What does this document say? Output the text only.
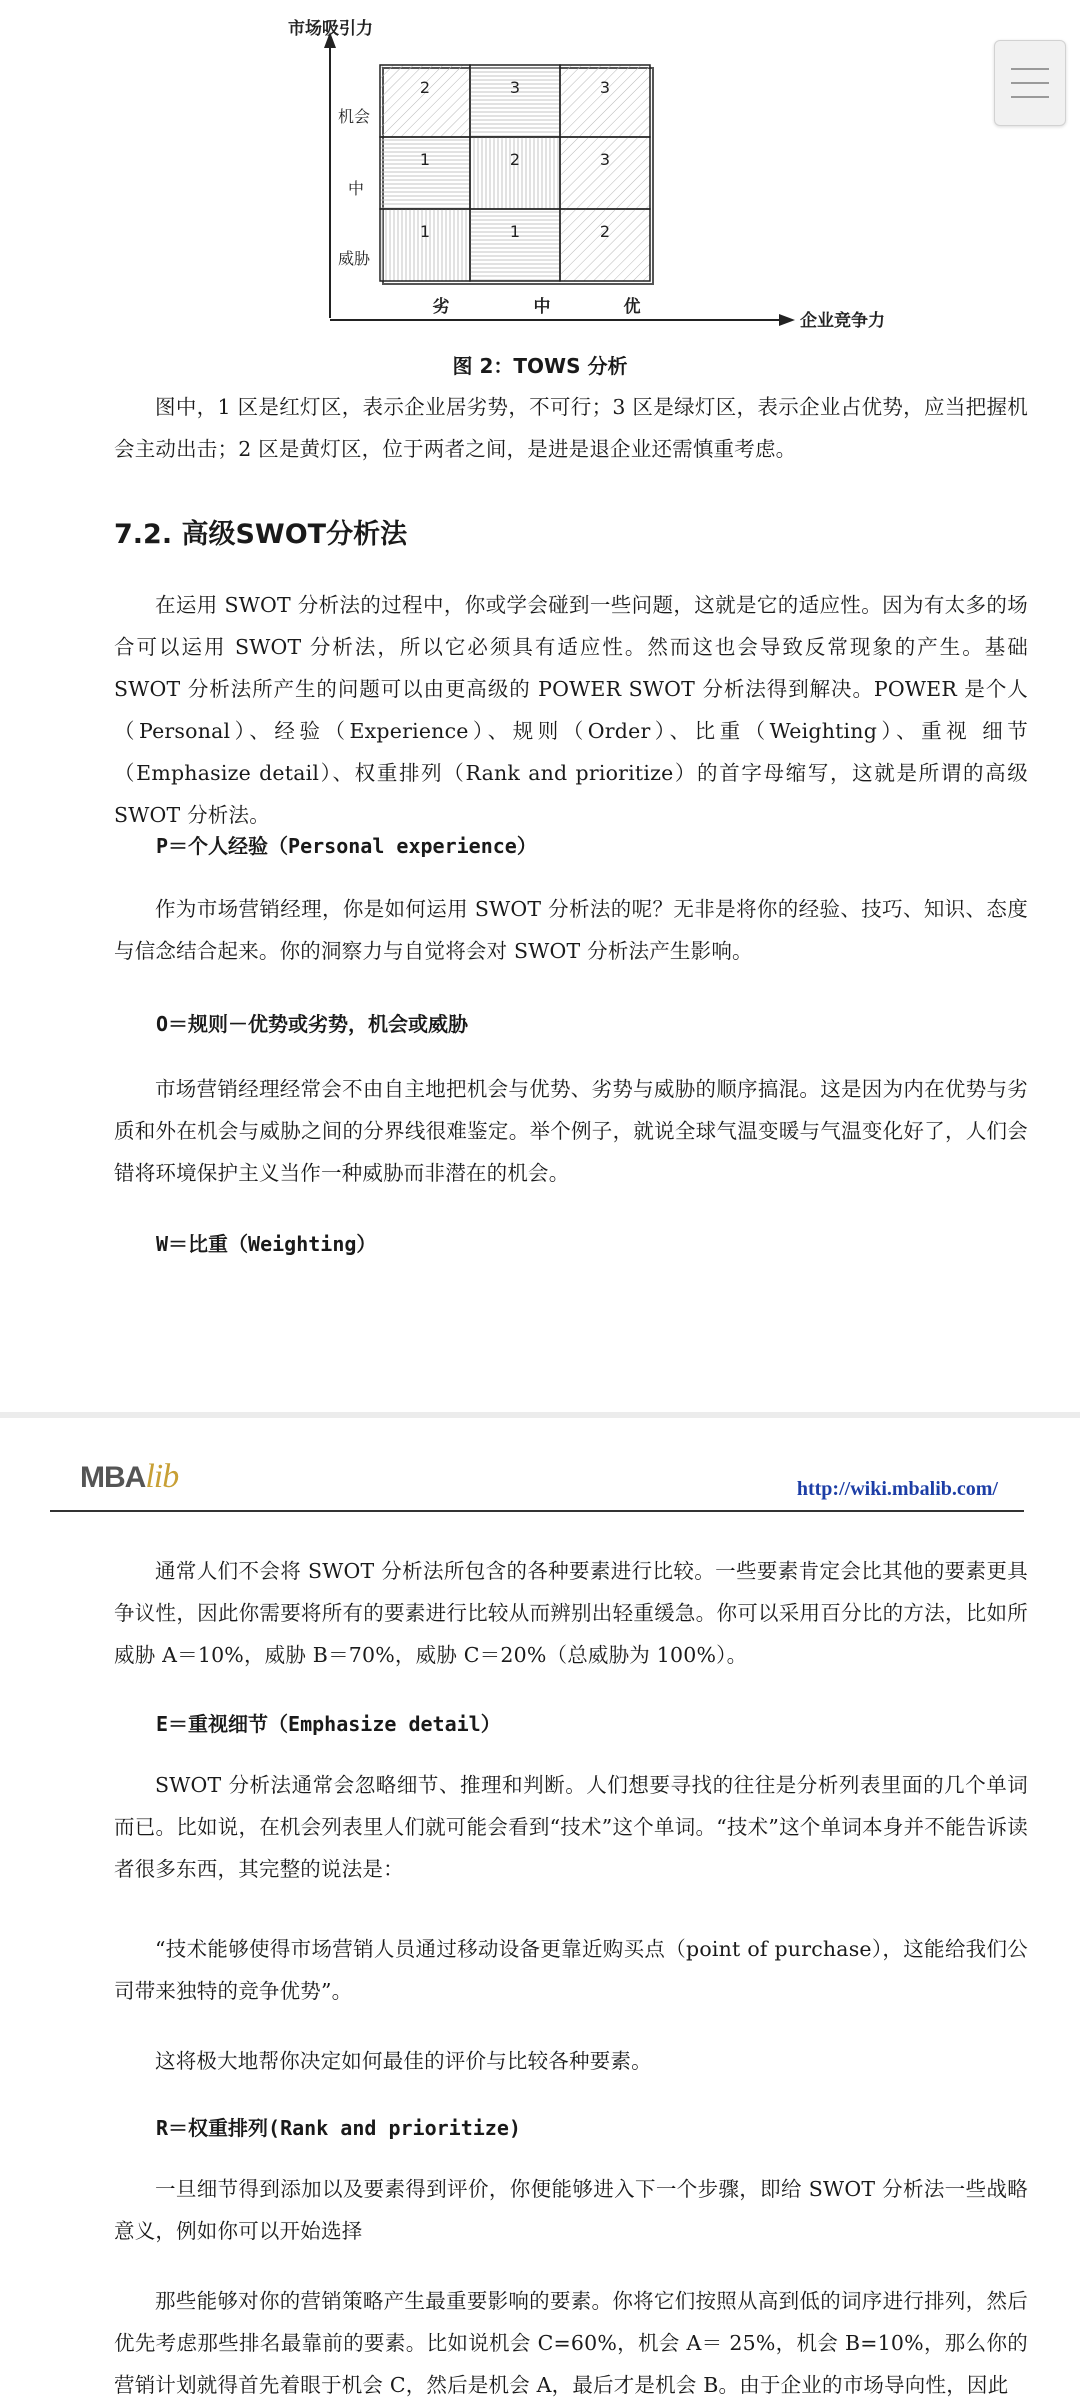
市场吸引力
企业竞争力
机会
中
威胁
劣	中	优
2	3	3
1	2	3
1	1	2
图 2：TOWS 分析
图中，1 区是红灯区，表示企业居劣势，不可行；3 区是绿灯区，表示企业占优势，应当把握机会主动出击；2 区是黄灯区，位于两者之间，是进是退企业还需慎重考虑。
7.2. 高级SWOT分析法
在运用 SWOT 分析法的过程中，你或学会碰到一些问题，这就是它的适应性。因为有太多的场合可以运用 SWOT 分析法，所以它必须具有适应性。然而这也会导致反常现象的产生。基础 SWOT 分析法所产生的问题可以由更高级的 POWER SWOT 分析法得到解决。POWER 是个人（Personal）、经验（Experience）、规则（Order）、比重（Weighting）、重视 细节（Emphasize detail）、权重排列（Rank and prioritize）的首字母缩写，这就是所谓的高级 SWOT 分析法。
P＝个人经验（Personal experience）
作为市场营销经理，你是如何运用 SWOT 分析法的呢？无非是将你的经验、技巧、知识、态度与信念结合起来。你的洞察力与自觉将会对 SWOT 分析法产生影响。
O＝规则－优势或劣势，机会或威胁
市场营销经理经常会不由自主地把机会与优势、劣势与威胁的顺序搞混。这是因为内在优势与劣质和外在机会与威胁之间的分界线很难鉴定。举个例子，就说全球气温变暖与气温变化好了，人们会错将环境保护主义当作一种威胁而非潜在的机会。
W＝比重（Weighting）
MBA lib	http://wiki.mbalib.com/
通常人们不会将 SWOT 分析法所包含的各种要素进行比较。一些要素肯定会比其他的要素更具争议性，因此你需要将所有的要素进行比较从而辨别出轻重缓急。你可以采用百分比的方法，比如所威胁 A＝10%，威胁 B＝70%，威胁 C＝20%（总威胁为 100%）。
E＝重视细节（Emphasize detail）
SWOT 分析法通常会忽略细节、推理和判断。人们想要寻找的往往是分析列表里面的几个单词而已。比如说，在机会列表里人们就可能会看到“技术”这个单词。“技术”这个单词本身并不能告诉读者很多东西，其完整的说法是：
“技术能够使得市场营销人员通过移动设备更靠近购买点（point of purchase），这能给我们公司带来独特的竞争优势”。
这将极大地帮你决定如何最佳的评价与比较各种要素。
R＝权重排列(Rank and prioritize)
一旦细节得到添加以及要素得到评价，你便能够进入下一个步骤，即给 SWOT 分析法一些战略意义，例如你可以开始选择
那些能够对你的营销策略产生最重要影响的要素。你将它们按照从高到低的词序进行排列，然后优先考虑那些排名最靠前的要素。比如说机会 C=60%，机会 A＝ 25%，机会 B=10%，那么你的营销计划就得首先着眼于机会 C，然后是机会 A，最后才是机会 B。由于企业的市场导向性，因此
